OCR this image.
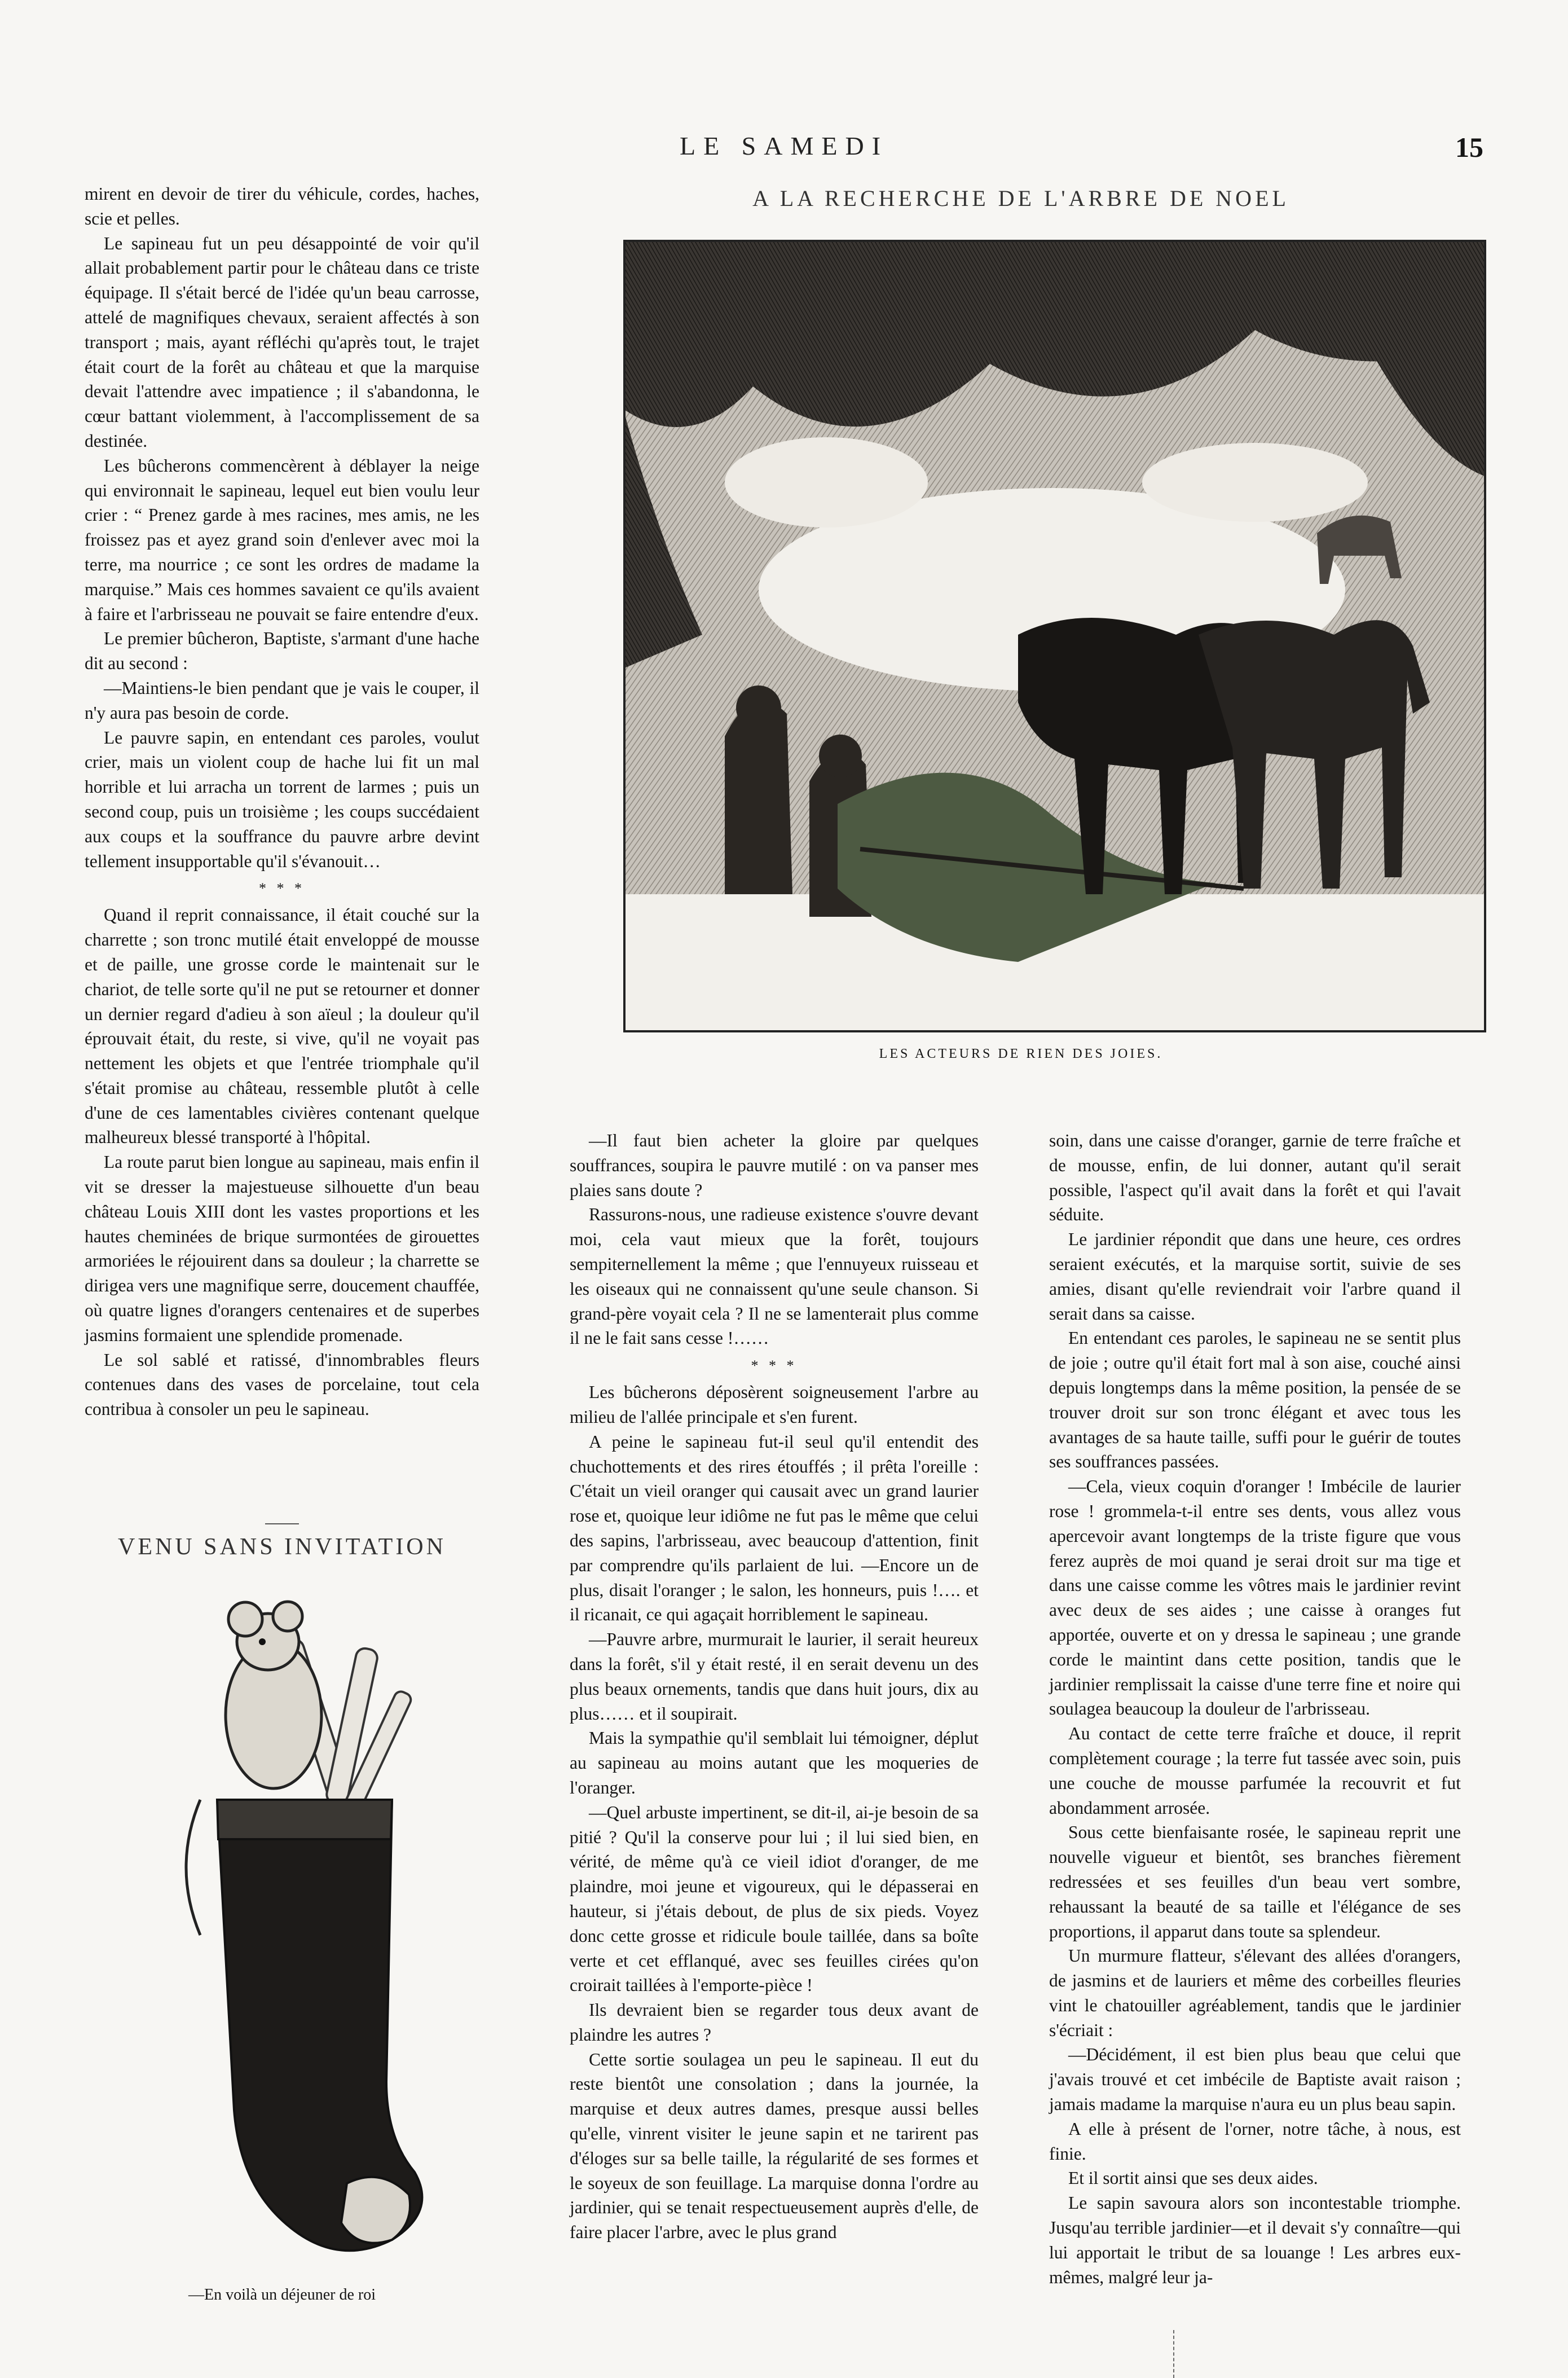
LE SAMEDI	15

mirent en devoir de tirer du véhicule, cordes, haches, scie et pelles.

Le sapineau fut un peu désappointé de voir qu'il allait probablement partir pour le château dans ce triste équipage. Il s'était bercé de l'idée qu'un beau carrosse, attelé de magnifiques chevaux, seraient affectés à son transport ; mais, ayant réfléchi qu'après tout, le trajet était court de la forêt au château et que la marquise devait l'attendre avec impatience ; il s'abandonna, le cœur battant violemment, à l'accomplissement de sa destinée.

Les bûcherons commencèrent à déblayer la neige qui environnait le sapineau, lequel eut bien voulu leur crier : “ Prenez garde à mes racines, mes amis, ne les froissez pas et ayez grand soin d'enlever avec moi la terre, ma nourrice ; ce sont les ordres de madame la marquise.” Mais ces hommes savaient ce qu'ils avaient à faire et l'arbrisseau ne pouvait se faire entendre d'eux.

Le premier bûcheron, Baptiste, s'armant d'une hache dit au second :

—Maintiens-le bien pendant que je vais le couper, il n'y aura pas besoin de corde.

Le pauvre sapin, en entendant ces paroles, voulut crier, mais un violent coup de hache lui fit un mal horrible et lui arracha un torrent de larmes ; puis un second coup, puis un troisième ; les coups succédaient aux coups et la souffrance du pauvre arbre devint tellement insupportable qu'il s'évanouit…

* * *

Quand il reprit connaissance, il était couché sur la charrette ; son tronc mutilé était enveloppé de mousse et de paille, une grosse corde le maintenait sur le chariot, de telle sorte qu'il ne put se retourner et donner un dernier regard d'adieu à son aïeul ; la douleur qu'il éprouvait était, du reste, si vive, qu'il ne voyait pas nettement les objets et que l'entrée triomphale qu'il s'était promise au château, ressemble plutôt à celle d'une de ces lamentables civières contenant quelque malheureux blessé transporté à l'hôpital.

La route parut bien longue au sapineau, mais enfin il vit se dresser la majestueuse silhouette d'un beau château Louis XIII dont les vastes proportions et les hautes cheminées de brique surmontées de girouettes armoriées le réjouirent dans sa douleur ; la charrette se dirigea vers une magnifique serre, doucement chauffée, où quatre lignes d'orangers centenaires et de superbes jasmins formaient une splendide promenade.

Le sol sablé et ratissé, d'innombrables fleurs contenues dans des vases de porcelaine, tout cela contribua à consoler un peu le sapineau.

A LA RECHERCHE DE L'ARBRE DE NOEL
LES ACTEURS DE RIEN DES JOIES.

—Il faut bien acheter la gloire par quelques souffrances, soupira le pauvre mutilé : on va panser mes plaies sans doute ?

Rassurons-nous, une radieuse existence s'ouvre devant moi, cela vaut mieux que la forêt, toujours sempiternellement la même ; que l'ennuyeux ruisseau et les oiseaux qui ne connaissent qu'une seule chanson. Si grand-père voyait cela ? Il ne se lamenterait plus comme il ne le fait sans cesse !……

* * *

Les bûcherons déposèrent soigneusement l'arbre au milieu de l'allée principale et s'en furent.

A peine le sapineau fut-il seul qu'il entendit des chuchottements et des rires étouffés ; il prêta l'oreille : C'était un vieil oranger qui causait avec un grand laurier rose et, quoique leur idiôme ne fut pas le même que celui des sapins, l'arbrisseau, avec beaucoup d'attention, finit par comprendre qu'ils parlaient de lui. —Encore un de plus, disait l'oranger ; le salon, les honneurs, puis !…. et il ricanait, ce qui agaçait horriblement le sapineau.

—Pauvre arbre, murmurait le laurier, il serait heureux dans la forêt, s'il y était resté, il en serait devenu un des plus beaux ornements, tandis que dans huit jours, dix au plus…… et il soupirait.

Mais la sympathie qu'il semblait lui témoigner, déplut au sapineau au moins autant que les moqueries de l'oranger.

—Quel arbuste impertinent, se dit-il, ai-je besoin de sa pitié ? Qu'il la conserve pour lui ; il lui sied bien, en vérité, de même qu'à ce vieil idiot d'oranger, de me plaindre, moi jeune et vigoureux, qui le dépasserai en hauteur, si j'étais debout, de plus de six pieds. Voyez donc cette grosse et ridicule boule taillée, dans sa boîte verte et cet efflanqué, avec ses feuilles cirées qu'on croirait taillées à l'emporte-pièce !

Ils devraient bien se regarder tous deux avant de plaindre les autres ?

Cette sortie soulagea un peu le sapineau. Il eut du reste bientôt une consolation ; dans la journée, la marquise et deux autres dames, presque aussi belles qu'elle, vinrent visiter le jeune sapin et ne tarirent pas d'éloges sur sa belle taille, la régularité de ses formes et le soyeux de son feuillage. La marquise donna l'ordre au jardinier, qui se tenait respectueusement auprès d'elle, de faire placer l'arbre, avec le plus grand

soin, dans une caisse d'oranger, garnie de terre fraîche et de mousse, enfin, de lui donner, autant qu'il serait possible, l'aspect qu'il avait dans la forêt et qui l'avait séduite.

Le jardinier répondit que dans une heure, ces ordres seraient exécutés, et la marquise sortit, suivie de ses amies, disant qu'elle reviendrait voir l'arbre quand il serait dans sa caisse.

En entendant ces paroles, le sapineau ne se sentit plus de joie ; outre qu'il était fort mal à son aise, couché ainsi depuis longtemps dans la même position, la pensée de se trouver droit sur son tronc élégant et avec tous les avantages de sa haute taille, suffi pour le guérir de toutes ses souffrances passées.

—Cela, vieux coquin d'oranger ! Imbécile de laurier rose ! grommela-t-il entre ses dents, vous allez vous apercevoir avant longtemps de la triste figure que vous ferez auprès de moi quand je serai droit sur ma tige et dans une caisse comme les vôtres mais le jardinier revint avec deux de ses aides ; une caisse à oranges fut apportée, ouverte et on y dressa le sapineau ; une grande corde le maintint dans cette position, tandis que le jardinier remplissait la caisse d'une terre fine et noire qui soulagea beaucoup la douleur de l'arbrisseau.

Au contact de cette terre fraîche et douce, il reprit complètement courage ; la terre fut tassée avec soin, puis une couche de mousse parfumée la recouvrit et fut abondamment arrosée.

Sous cette bienfaisante rosée, le sapineau reprit une nouvelle vigueur et bientôt, ses branches fièrement redressées et ses feuilles d'un beau vert sombre, rehaussant la beauté de sa taille et l'élégance de ses proportions, il apparut dans toute sa splendeur.

Un murmure flatteur, s'élevant des allées d'orangers, de jasmins et de lauriers et même des corbeilles fleuries vint le chatouiller agréablement, tandis que le jardinier s'écriait :

—Décidément, il est bien plus beau que celui que j'avais trouvé et cet imbécile de Baptiste avait raison ; jamais madame la marquise n'aura eu un plus beau sapin.

A elle à présent de l'orner, notre tâche, à nous, est finie.

Et il sortit ainsi que ses deux aides.

Le sapin savoura alors son incontestable triomphe. Jusqu'au terrible jardinier—et il devait s'y connaître—qui lui apportait le tribut de sa louange ! Les arbres eux-mêmes, malgré leur ja-

VENU SANS INVITATION
—En voilà un déjeuner de roi
